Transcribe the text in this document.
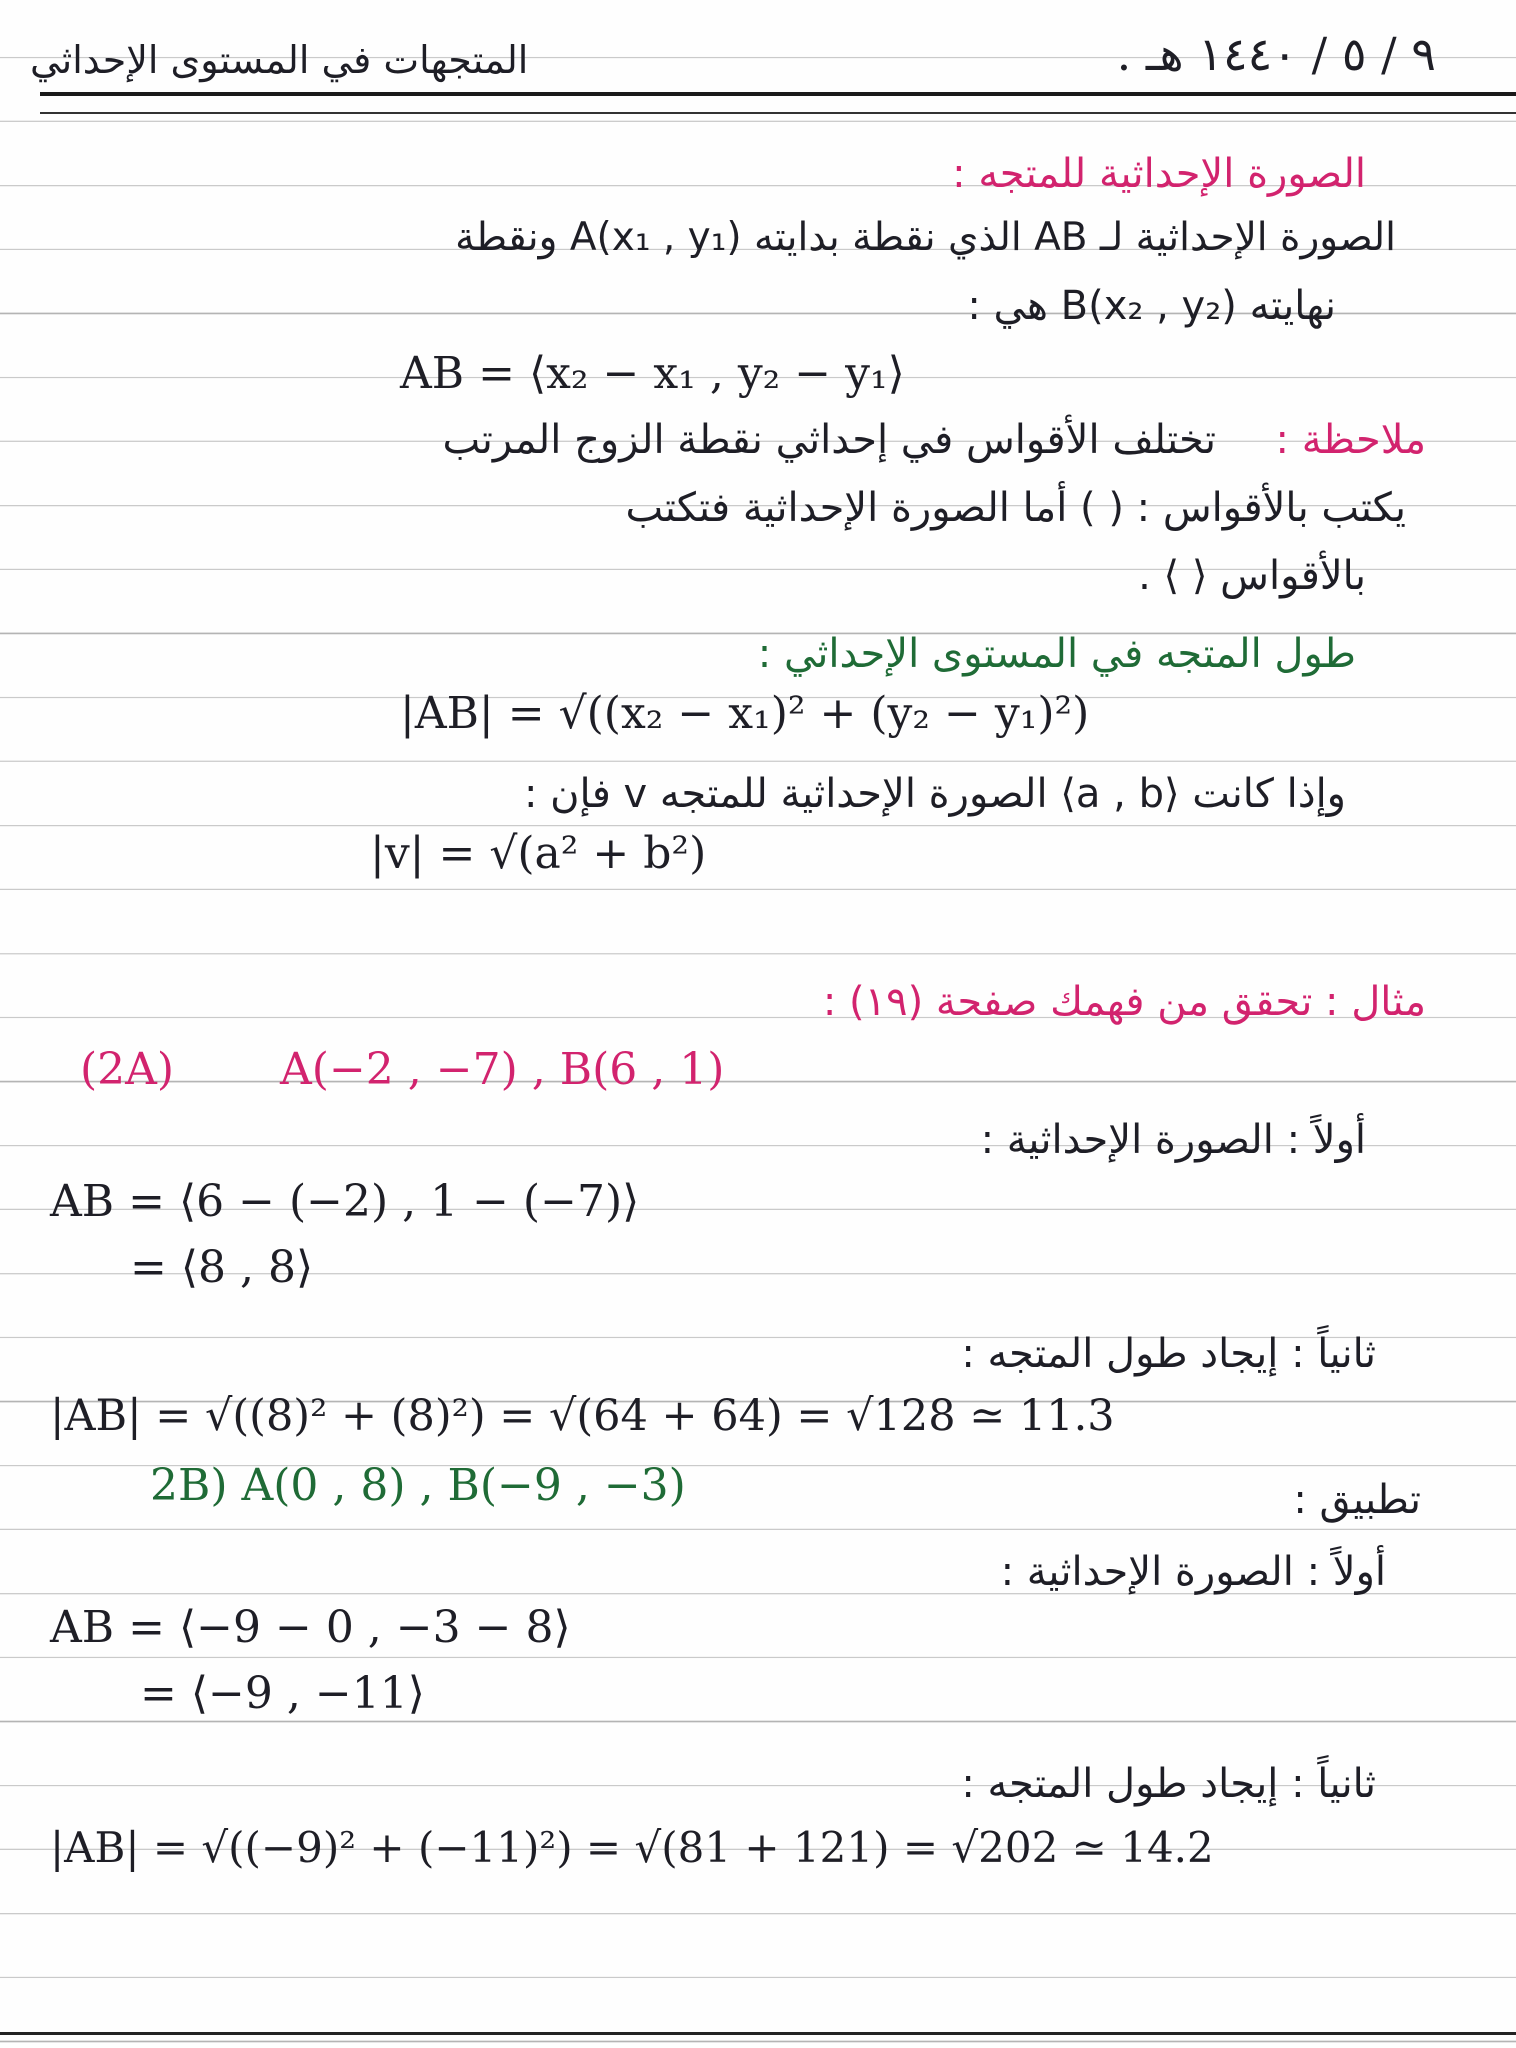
٩ / ٥ / ١٤٤٠ هـ .
المتجهات في المستوى الإحداثي
الصورة الإحداثية للمتجه :
الصورة الإحداثية لـ AB الذي نقطة بدايته A(x₁ , y₁) ونقطة
نهايته B(x₂ , y₂) هي :
AB = ⟨x₂ − x₁ , y₂ − y₁⟩
ملاحظة :
تختلف الأقواس في إحداثي نقطة الزوج المرتب
يكتب بالأقواس : ( ) أما الصورة الإحداثية فتكتب
بالأقواس ⟨ ⟩ .
طول المتجه في المستوى الإحداثي :
|AB| = √((x₂ − x₁)² + (y₂ − y₁)²)
وإذا كانت ⟨a , b⟩ الصورة الإحداثية للمتجه v فإن :
|v| = √(a² + b²)
مثال : تحقق من فهمك صفحة (١٩) :
(2A) A(−2 , −7) , B(6 , 1)
أولاً : الصورة الإحداثية :
AB = ⟨6 − (−2) , 1 − (−7)⟩
= ⟨8 , 8⟩
ثانياً : إيجاد طول المتجه :
|AB| = √((8)² + (8)²) = √(64 + 64) = √128 ≃ 11.3
2B) A(0 , 8) , B(−9 , −3)	تطبيق :
أولاً : الصورة الإحداثية :
AB = ⟨−9 − 0 , −3 − 8⟩
= ⟨−9 , −11⟩
ثانياً : إيجاد طول المتجه :
|AB| = √((−9)² + (−11)²) = √(81 + 121) = √202 ≃ 14.2
